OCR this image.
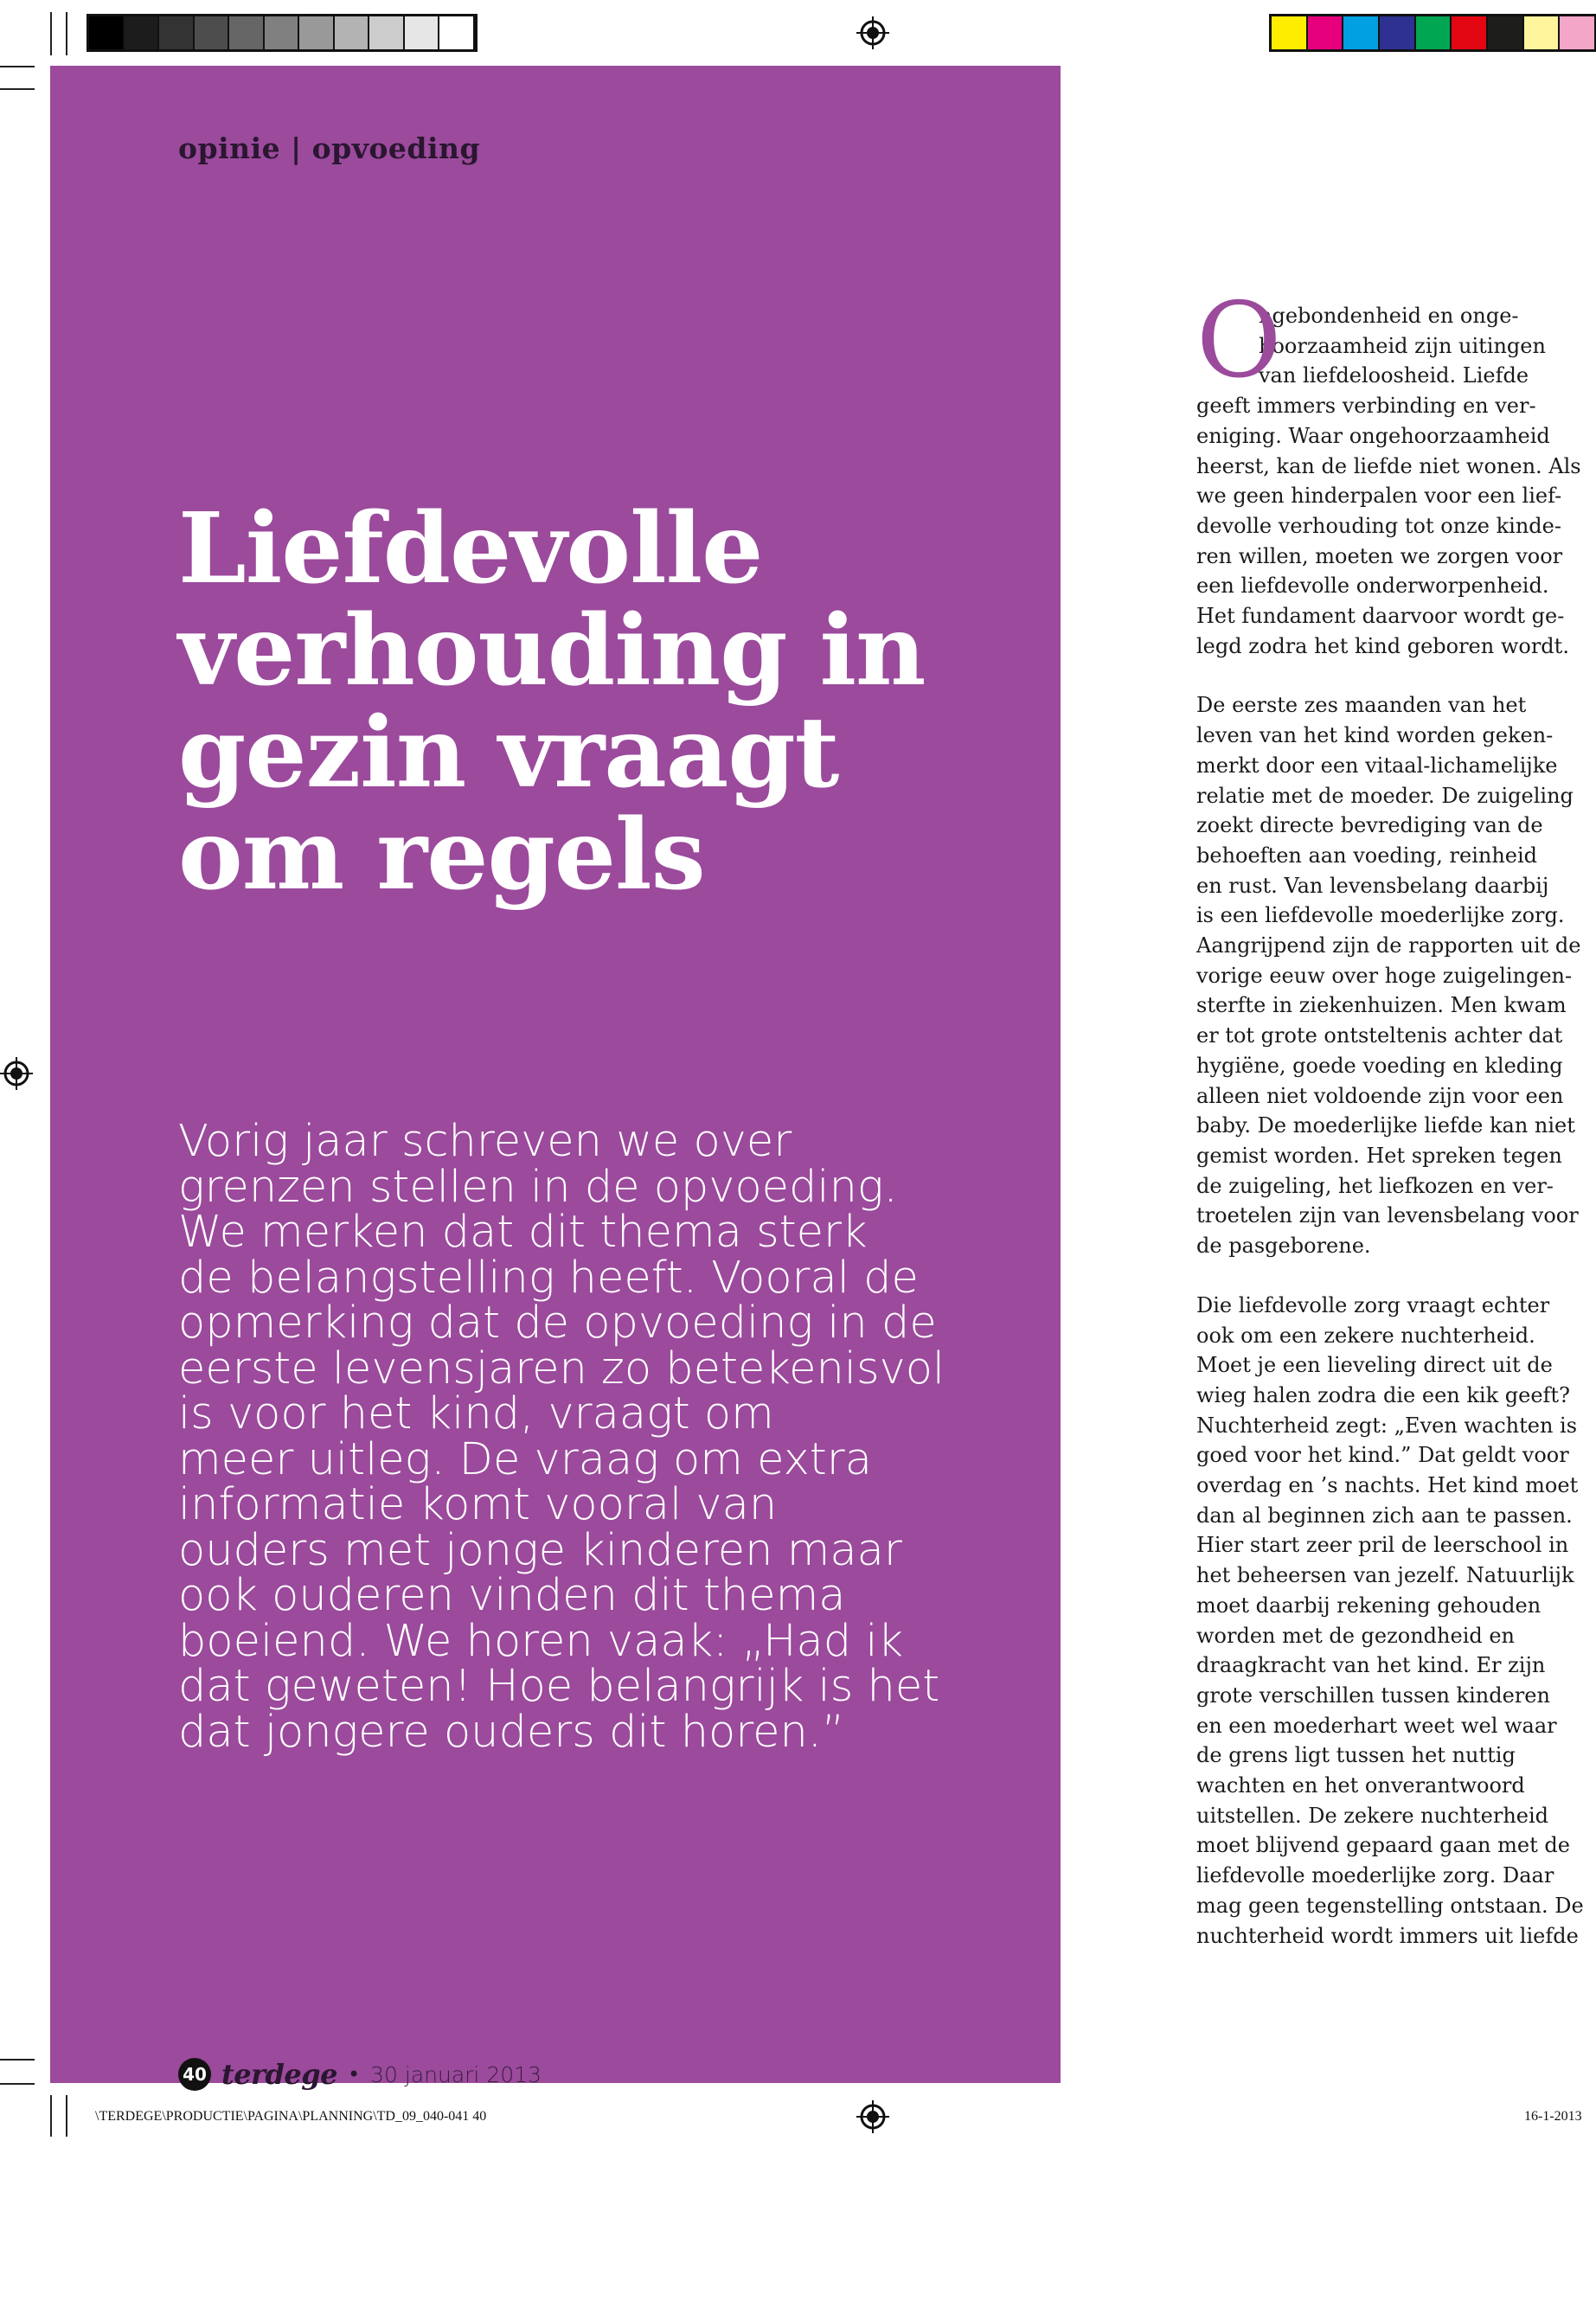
opinie | opvoeding

Liefdevolle
verhouding in
gezin vraagt
om regels
Vorig jaar schreven we over
grenzen stellen in de opvoeding.
We merken dat dit thema sterk
de belangstelling heeft. Vooral de
opmerking dat de opvoeding in de
eerste levensjaren zo betekenisvol
is voor het kind, vraagt om
meer uitleg. De vraag om extra
informatie komt vooral van
ouders met jonge kinderen maar
ook ouderen vinden dit thema
boeiend. We horen vaak: „Had ik
dat geweten! Hoe belangrijk is het
dat jongere ouders dit horen.”
40 terdege • 30 januari 2013

O
ngebondenheid en onge-
hoorzaamheid zijn uitingen
van liefdeloosheid. Liefde
geeft immers verbinding en ver-
eniging. Waar ongehoorzaamheid
heerst, kan de liefde niet wonen. Als
we geen hinderpalen voor een lief-
devolle verhouding tot onze kinde-
ren willen, moeten we zorgen voor
een liefdevolle onderworpenheid.
Het fundament daarvoor wordt ge-
legd zodra het kind geboren wordt.

De eerste zes maanden van het
leven van het kind worden geken-
merkt door een vitaal-lichamelijke
relatie met de moeder. De zuigeling
zoekt directe bevrediging van de
behoeften aan voeding, reinheid
en rust. Van levensbelang daarbij
is een liefdevolle moederlijke zorg.
Aangrijpend zijn de rapporten uit de
vorige eeuw over hoge zuigelingen-
sterfte in ziekenhuizen. Men kwam
er tot grote ontsteltenis achter dat
hygiëne, goede voeding en kleding
alleen niet voldoende zijn voor een
baby. De moederlijke liefde kan niet
gemist worden. Het spreken tegen
de zuigeling, het liefkozen en ver-
troetelen zijn van levensbelang voor
de pasgeborene.

Die liefdevolle zorg vraagt echter
ook om een zekere nuchterheid.
Moet je een lieveling direct uit de
wieg halen zodra die een kik geeft?
Nuchterheid zegt: „Even wachten is
goed voor het kind.” Dat geldt voor
overdag en ’s nachts. Het kind moet
dan al beginnen zich aan te passen.
Hier start zeer pril de leerschool in
het beheersen van jezelf. Natuurlijk
moet daarbij rekening gehouden
worden met de gezondheid en
draagkracht van het kind. Er zijn
grote verschillen tussen kinderen
en een moederhart weet wel waar
de grens ligt tussen het nuttig
wachten en het onverantwoord
uitstellen. De zekere nuchterheid
moet blijvend gepaard gaan met de
liefdevolle moederlijke zorg. Daar
mag geen tegenstelling ontstaan. De
nuchterheid wordt immers uit liefde

\TERDEGE\PRODUCTIE\PAGINA\PLANNING\TD_09_040-041 40	16-1-2013
